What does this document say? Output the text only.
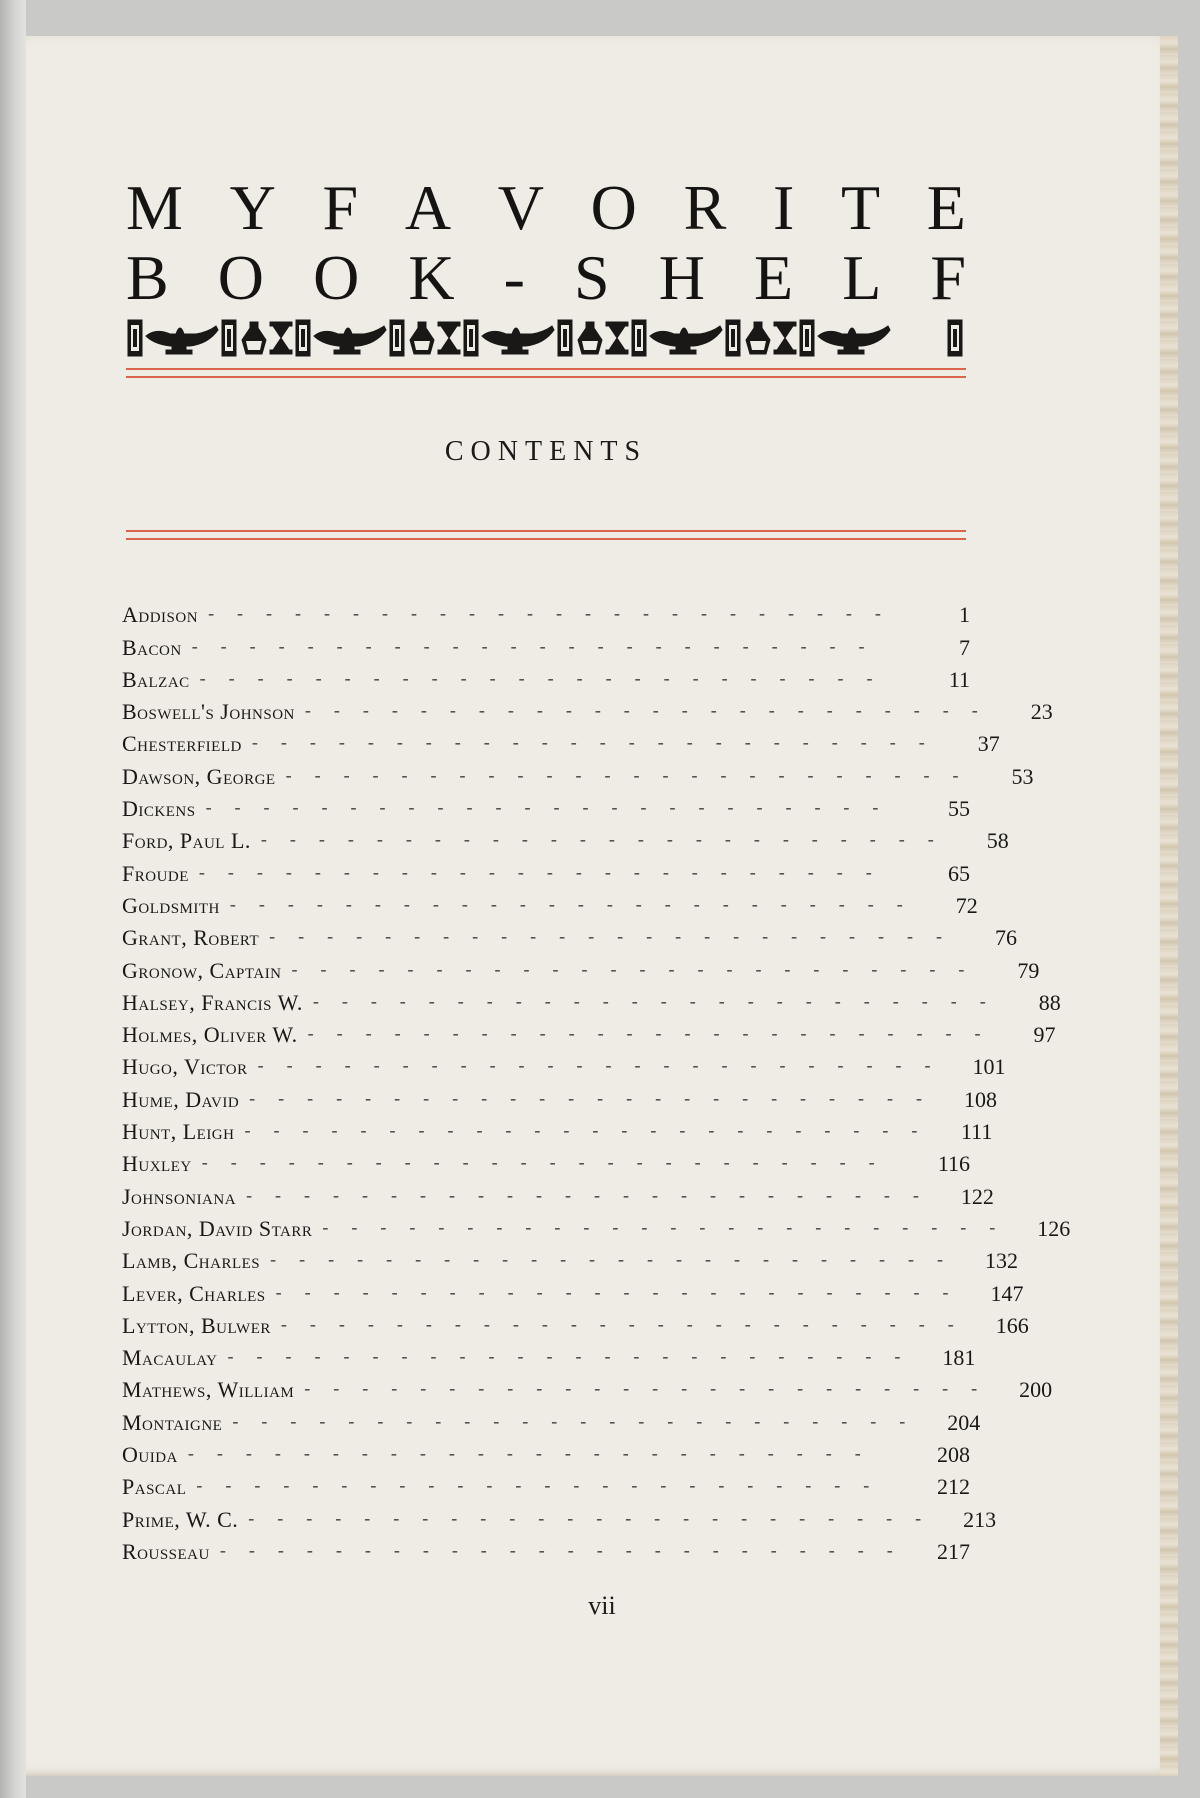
M Y F A V O R I T E
B O O K - S H E L F
CONTENTS
Addison ------------------------	1
Bacon ------------------------	7
Balzac ------------------------	11
Boswell's Johnson ------------------------	23
Chesterfield ------------------------	37
Dawson, George ------------------------	53
Dickens ------------------------	55
Ford, Paul L. ------------------------	58
Froude ------------------------	65
Goldsmith ------------------------	72
Grant, Robert ------------------------	76
Gronow, Captain ------------------------	79
Halsey, Francis W. ------------------------	88
Holmes, Oliver W. ------------------------	97
Hugo, Victor ------------------------ 101
Hume, David ------------------------ 108
Hunt, Leigh ------------------------ 111
Huxley ------------------------	116
Johnsoniana ------------------------ 122
Jordan, David Starr ------------------------ 126
Lamb, Charles ------------------------ 132
Lever, Charles ------------------------ 147
Lytton, Bulwer ------------------------ 166
Macaulay ------------------------ 181
Mathews, William ------------------------ 200
Montaigne ------------------------ 204
Ouida ------------------------	208
Pascal ------------------------	212
Prime, W. C. ------------------------ 213
Rousseau ------------------------ 217
vii
